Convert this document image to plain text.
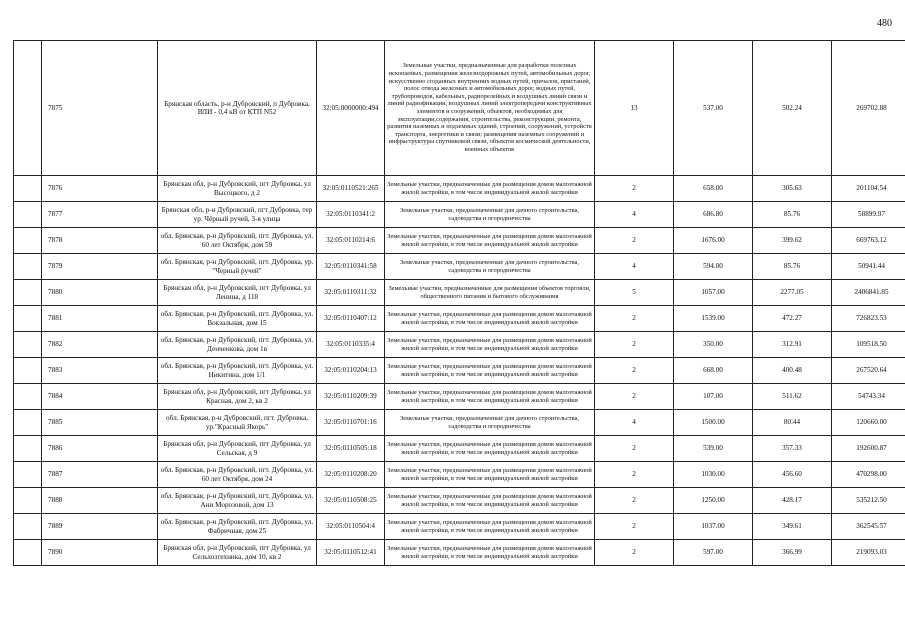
480
	7875	Брянская область, р-н Дубровский, п Дубровка, ВЛИ - 0,4 кВ от КТП N52	32:05:0000000:494	Земельные участки, предназначенные для разработки полезных ископаемых, размещения железнодорожных путей, автомобильных дорог, искусственно созданных внутренних водных путей, причалов, пристаней, полос отвода железных и автомобильных дорог, водных путей, трубопроводов, кабельных, радиорелейных и воздушных линий связи и линий радиофикации, воздушных линий электропередачи конструктивных элементов и сооружений, объектов, необходимых для эксплуатации,содержания, строительства, реконструкции, ремонта, развития наземных и подземных зданий, строений, сооружений, устройств транспорта, энергетики и связи; размещения наземных сооружений и инфраструктуры спутниковой связи, объектов космической деятельности, военных объектов	13	537.00	502.24	269702.88
	7876	Брянская обл, р-н Дубровский, пгт Дубровка, ул Высоцкого, д 2	32:05:0110521:265	Земельные участки, предназначенные для размещения домов малоэтажной жилой застройки, в том числе индивидуальной жилой застройки	2	658.00	305.63	201104.54
	7877	Брянская обл, р-н Дубровский, пгт Дубровка, тер ур. Чёрный ручей, 3-я улица	32:05:0110341:2	Земельные участки, предназначенные для дачного строительства, садоводства и огородничества	4	686.80	85.76	58899.97
	7878	обл. Брянская, р-н Дубровский, пгт. Дубровка, ул. 60 лет Октября, дом 59	32:05:0110214:6	Земельные участки, предназначенные для размещения домов малоэтажной жилой застройки, в том числе индивидуальной жилой застройки	2	1676.00	399.62	669763.12
	7879	обл. Брянская, р-н Дубровский, пгт. Дубровка, ур. "Черный ручей"	32:05:0110341:58	Земельные участки, предназначенные для дачного строительства, садоводства и огородничества	4	594.00	85.76	50941.44
	7880	Брянская обл, р-н Дубровский, пгт Дубровка, ул Ленина, д 118	32:05:0110311:32	Земельные участки, предназначенные для размещения объектов торговли, общественного питания и бытового обслуживания	5	1057.00	2277.05	2406841.85
	7881	обл. Брянская, р-н Дубровский, пгт. Дубровка, ул. Вокзальная, дом 15	32:05:0110407:12	Земельные участки, предназначенные для размещения домов малоэтажной жилой застройки, в том числе индивидуальной жилой застройки	2	1539.00	472.27	726823.53
	7882	обл. Брянская, р-н Дубровский, пгт. Дубровка, ул. Денченкова, дом 1в	32:05:0110335:4	Земельные участки, предназначенные для размещения домов малоэтажной жилой застройки, в том числе индивидуальной жилой застройки	2	350.00	312.91	109518.50
	7883	обл. Брянская, р-н Дубровский, пгт. Дубровка, ул. Никитина, дом 1/1	32:05:0110204:13	Земельные участки, предназначенные для размещения домов малоэтажной жилой застройки, в том числе индивидуальной жилой застройки	2	668.00	400.48	267520.64
	7884	Брянская обл, р-н Дубровский, пгт Дубровка, ул Красная, дом 2, кв 2	32:05:0110209:39	Земельные участки, предназначенные для размещения домов малоэтажной жилой застройки, в том числе индивидуальной жилой застройки	2	107.00	511.62	54743.34
	7885	обл. Брянская, р-н Дубровский, пгт. Дубровка, ур."Красный Якорь"	32:05:0110701:16	Земельные участки, предназначенные для дачного строительства, садоводства и огородничества	4	1500.00	80.44	120660.00
	7886	Брянская обл, р-н Дубровский, пгт Дубровка, ул Сельская, д 9	32:05:0110505:18	Земельные участки, предназначенные для размещения домов малоэтажной жилой застройки, в том числе индивидуальной жилой застройки	2	539.00	357.33	192600.87
	7887	обл. Брянская, р-н Дубровский, пгт. Дубровка, ул. 60 лет Октября, дом 24	32:05:0110208:20	Земельные участки, предназначенные для размещения домов малоэтажной жилой застройки, в том числе индивидуальной жилой застройки	2	1030.00	456.60	470298.00
	7888	обл. Брянская, р-н Дубровский, пгт. Дубровка, ул. Ани Морозовой, дом 13	32:05:0110508:25	Земельные участки, предназначенные для размещения домов малоэтажной жилой застройки, в том числе индивидуальной жилой застройки	2	1250.00	428.17	535212.50
	7889	обл. Брянская, р-н Дубровский, пгт. Дубровка, ул. Фабричная, дом 25	32:05:0110504:4	Земельные участки, предназначенные для размещения домов малоэтажной жилой застройки, в том числе индивидуальной жилой застройки	2	1037.00	349.61	362545.57
	7890	Брянская обл, р-н Дубровский, пгт Дубровка, ул Сельхозтехника, дом 10, кв 2	32:05:0110512:41	Земельные участки, предназначенные для размещения домов малоэтажной жилой застройки, в том числе индивидуальной жилой застройки	2	597.00	366.99	219093.03
